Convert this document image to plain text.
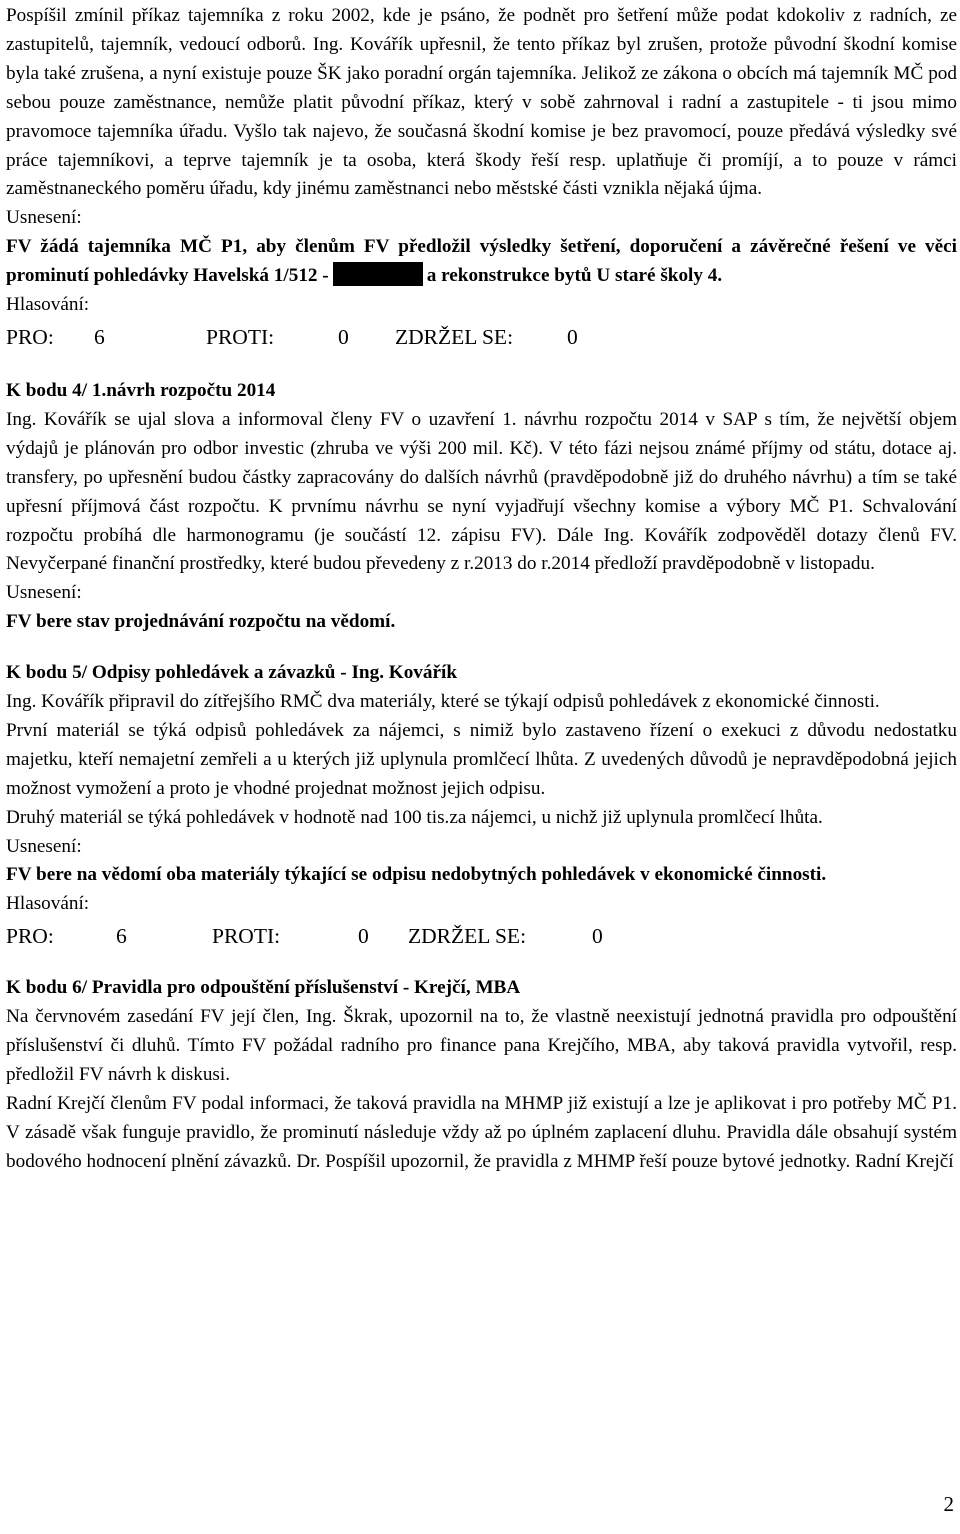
Pospíšil zmínil příkaz tajemníka z roku 2002, kde je psáno, že podnět pro šetření může podat kdokoliv z radních, ze zastupitelů, tajemník, vedoucí odborů. Ing. Kovářík upřesnil, že tento příkaz byl zrušen, protože původní škodní komise byla také zrušena, a nyní existuje pouze ŠK jako poradní orgán tajemníka. Jelikož ze zákona o obcích má tajemník MČ pod sebou pouze zaměstnance, nemůže platit původní příkaz, který v sobě zahrnoval i radní a zastupitele - ti jsou mimo pravomoce tajemníka úřadu. Vyšlo tak najevo, že současná škodní komise je bez pravomocí, pouze předává výsledky své práce tajemníkovi, a teprve tajemník je ta osoba, která škody řeší resp. uplatňuje či promíjí, a to pouze v rámci zaměstnaneckého poměru úřadu, kdy jinému zaměstnanci nebo městské části vznikla nějaká újma.

Usnesení:

FV žádá tajemníka MČ P1, aby členům FV předložil výsledky šetření, doporučení a závěrečné řešení ve věci prominutí pohledávky Havelská 1/512 -	a rekonstrukce bytů U staré školy 4.

Hlasování:

PRO:	6	PROTI:	0	ZDRŽEL SE:	0

K bodu 4/ 1.návrh rozpočtu 2014

Ing. Kovářík se ujal slova a informoval členy FV o uzavření 1. návrhu rozpočtu 2014 v SAP s tím, že největší objem výdajů je plánován pro odbor investic (zhruba ve výši 200 mil. Kč). V této fázi nejsou známé příjmy od státu, dotace aj. transfery, po upřesnění budou částky zapracovány do dalších návrhů (pravděpodobně již do druhého návrhu) a tím se také upřesní příjmová část rozpočtu. K prvnímu návrhu se nyní vyjadřují všechny komise a výbory MČ P1. Schvalování rozpočtu probíhá dle harmonogramu (je součástí 12. zápisu FV). Dále Ing. Kovářík zodpověděl dotazy členů FV. Nevyčerpané finanční prostředky, které budou převedeny z r.2013 do r.2014 předloží pravděpodobně v listopadu.

Usnesení:

FV bere stav projednávání rozpočtu na vědomí.

K bodu 5/ Odpisy pohledávek a závazků - Ing. Kovářík

Ing. Kovářík připravil do zítřejšího RMČ dva materiály, které se týkají odpisů pohledávek z ekonomické činnosti.

První materiál se týká odpisů pohledávek za nájemci, s nimiž bylo zastaveno řízení o exekuci z důvodu nedostatku majetku, kteří nemajetní zemřeli a u kterých již uplynula promlčecí lhůta. Z uvedených důvodů je nepravděpodobná jejich možnost vymožení a proto je vhodné projednat možnost jejich odpisu.

Druhý materiál se týká pohledávek v hodnotě nad 100 tis.za nájemci, u nichž již uplynula promlčecí lhůta.

Usnesení:

FV bere na vědomí oba materiály týkající se odpisu nedobytných pohledávek v ekonomické činnosti.

Hlasování:

PRO:	6	PROTI:	0	ZDRŽEL SE:	0

K bodu 6/ Pravidla pro odpouštění příslušenství - Krejčí, MBA

Na červnovém zasedání FV její člen, Ing. Škrak, upozornil na to, že vlastně neexistují jednotná pravidla pro odpouštění příslušenství či dluhů. Tímto FV požádal radního pro finance pana Krejčího, MBA, aby taková pravidla vytvořil, resp. předložil FV návrh k diskusi.

Radní Krejčí členům FV podal informaci, že taková pravidla na MHMP již existují a lze je aplikovat i pro potřeby MČ P1. V zásadě však funguje pravidlo, že prominutí následuje vždy až po úplném zaplacení dluhu. Pravidla dále obsahují systém bodového hodnocení plnění závazků. Dr. Pospíšil upozornil, že pravidla z MHMP řeší pouze bytové jednotky. Radní Krejčí

2
